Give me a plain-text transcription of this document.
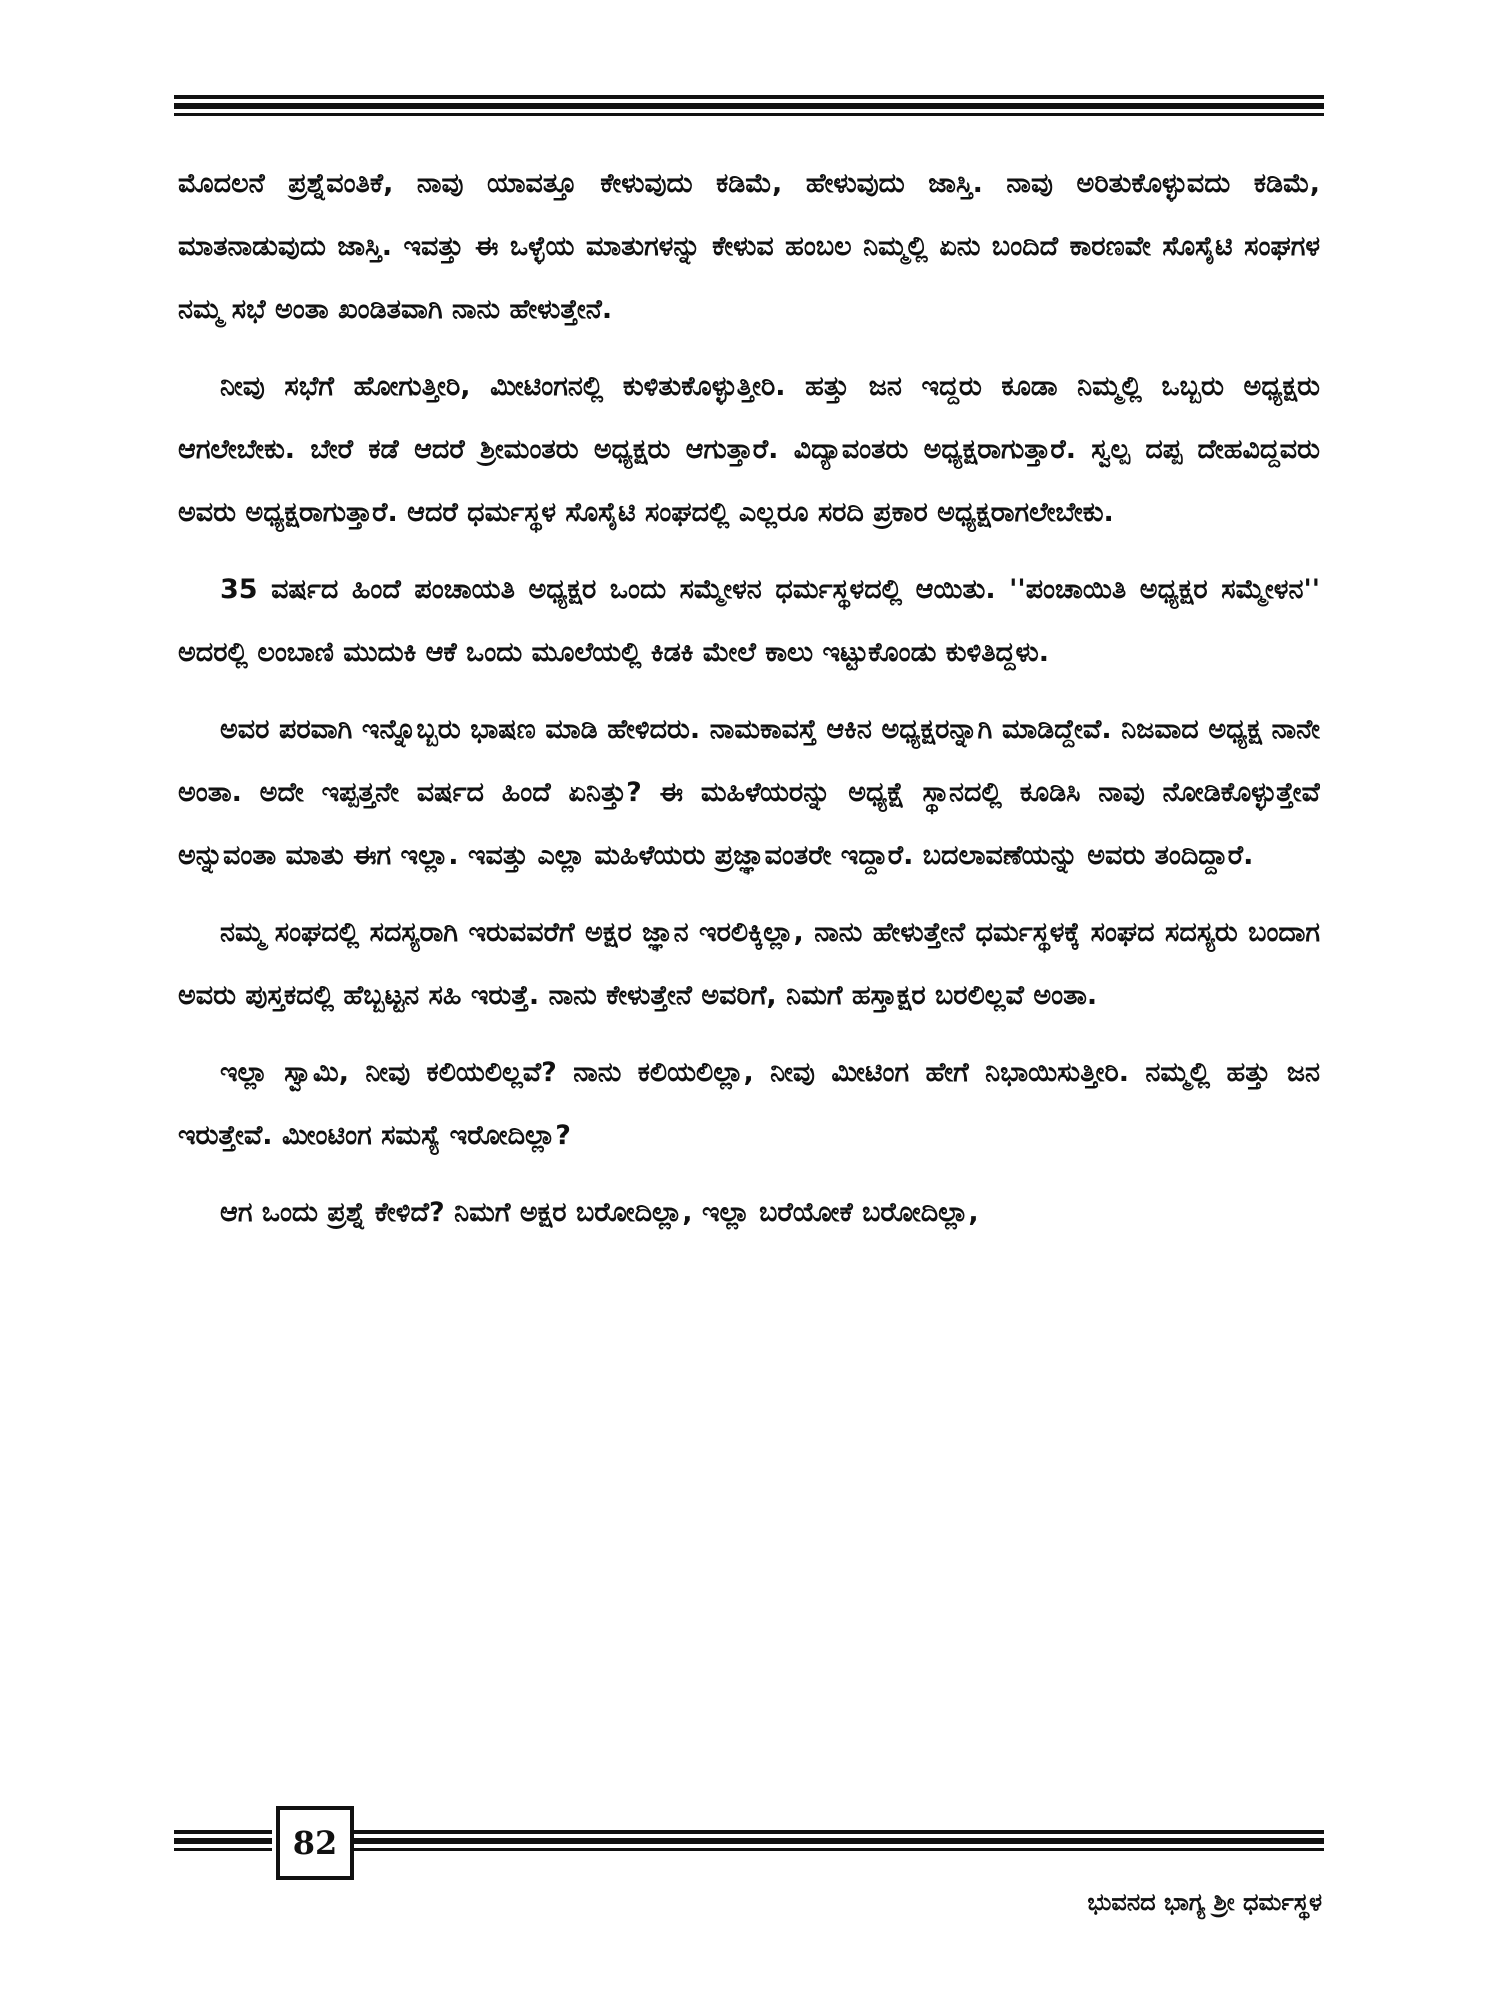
ಮೊದಲನೆ ಪ್ರಶ್ನೆವಂತಿಕೆ, ನಾವು ಯಾವತ್ತೂ ಕೇಳುವುದು ಕಡಿಮೆ, ಹೇಳುವುದು ಜಾಸ್ತಿ. ನಾವು ಅರಿತುಕೊಳ್ಳುವದು ಕಡಿಮೆ, ಮಾತನಾಡುವುದು ಜಾಸ್ತಿ. ಇವತ್ತು ಈ ಒಳ್ಳೆಯ ಮಾತುಗಳನ್ನು ಕೇಳುವ ಹಂಬಲ ನಿಮ್ಮಲ್ಲಿ ಏನು ಬಂದಿದೆ ಕಾರಣವೇ ಸೊಸೈಟಿ ಸಂಘಗಳ ನಮ್ಮ ಸಭೆ ಅಂತಾ ಖಂಡಿತವಾಗಿ ನಾನು ಹೇಳುತ್ತೇನೆ.

ನೀವು ಸಭೆಗೆ ಹೋಗುತ್ತೀರಿ, ಮೀಟಿಂಗನಲ್ಲಿ ಕುಳಿತುಕೊಳ್ಳುತ್ತೀರಿ. ಹತ್ತು ಜನ ಇದ್ದರು ಕೂಡಾ ನಿಮ್ಮಲ್ಲಿ ಒಬ್ಬರು ಅಧ್ಯಕ್ಷರು ಆಗಲೇಬೇಕು. ಬೇರೆ ಕಡೆ ಆದರೆ ಶ್ರೀಮಂತರು ಅಧ್ಯಕ್ಷರು ಆಗುತ್ತಾರೆ. ವಿದ್ಯಾವಂತರು ಅಧ್ಯಕ್ಷರಾಗುತ್ತಾರೆ. ಸ್ವಲ್ಪ ದಪ್ಪ ದೇಹವಿದ್ದವರು ಅವರು ಅಧ್ಯಕ್ಷರಾಗುತ್ತಾರೆ. ಆದರೆ ಧರ್ಮಸ್ಥಳ ಸೊಸೈಟಿ ಸಂಘದಲ್ಲಿ ಎಲ್ಲರೂ ಸರದಿ ಪ್ರಕಾರ ಅಧ್ಯಕ್ಷರಾಗಲೇಬೇಕು.

35 ವರ್ಷದ ಹಿಂದೆ ಪಂಚಾಯತಿ ಅಧ್ಯಕ್ಷರ ಒಂದು ಸಮ್ಮೇಳನ ಧರ್ಮಸ್ಥಳದಲ್ಲಿ ಆಯಿತು. ''ಪಂಚಾಯಿತಿ ಅಧ್ಯಕ್ಷರ ಸಮ್ಮೇಳನ'' ಅದರಲ್ಲಿ ಲಂಬಾಣಿ ಮುದುಕಿ ಆಕೆ ಒಂದು ಮೂಲೆಯಲ್ಲಿ ಕಿಡಕಿ ಮೇಲೆ ಕಾಲು ಇಟ್ಟುಕೊಂಡು ಕುಳಿತಿದ್ದಳು.

ಅವರ ಪರವಾಗಿ ಇನ್ನೊಬ್ಬರು ಭಾಷಣ ಮಾಡಿ ಹೇಳಿದರು. ನಾಮಕಾವಸ್ತೆ ಆಕಿನ ಅಧ್ಯಕ್ಷರನ್ನಾಗಿ ಮಾಡಿದ್ದೇವೆ. ನಿಜವಾದ ಅಧ್ಯಕ್ಷ ನಾನೇ ಅಂತಾ. ಅದೇ ಇಪ್ಪತ್ತನೇ ವರ್ಷದ ಹಿಂದೆ ಏನಿತ್ತು? ಈ ಮಹಿಳೆಯರನ್ನು ಅಧ್ಯಕ್ಷೆ ಸ್ಥಾನದಲ್ಲಿ ಕೂಡಿಸಿ ನಾವು ನೋಡಿಕೊಳ್ಳುತ್ತೇವೆ ಅನ್ನುವಂತಾ ಮಾತು ಈಗ ಇಲ್ಲಾ. ಇವತ್ತು ಎಲ್ಲಾ ಮಹಿಳೆಯರು ಪ್ರಜ್ಞಾವಂತರೇ ಇದ್ದಾರೆ. ಬದಲಾವಣೆಯನ್ನು ಅವರು ತಂದಿದ್ದಾರೆ.

ನಮ್ಮ ಸಂಘದಲ್ಲಿ ಸದಸ್ಯರಾಗಿ ಇರುವವರೆಗೆ ಅಕ್ಷರ ಜ್ಞಾನ ಇರಲಿಕ್ಕಿಲ್ಲಾ, ನಾನು ಹೇಳುತ್ತೇನೆ ಧರ್ಮಸ್ಥಳಕ್ಕೆ ಸಂಘದ ಸದಸ್ಯರು ಬಂದಾಗ ಅವರು ಪುಸ್ತಕದಲ್ಲಿ ಹೆಬ್ಬಟ್ಟನ ಸಹಿ ಇರುತ್ತೆ. ನಾನು ಕೇಳುತ್ತೇನೆ ಅವರಿಗೆ, ನಿಮಗೆ ಹಸ್ತಾಕ್ಷರ ಬರಲಿಲ್ಲವೆ ಅಂತಾ.

ಇಲ್ಲಾ ಸ್ವಾಮಿ, ನೀವು ಕಲಿಯಲಿಲ್ಲವೆ? ನಾನು ಕಲಿಯಲಿಲ್ಲಾ, ನೀವು ಮೀಟಿಂಗ ಹೇಗೆ ನಿಭಾಯಿಸುತ್ತೀರಿ. ನಮ್ಮಲ್ಲಿ ಹತ್ತು ಜನ ಇರುತ್ತೇವೆ. ಮೀಂಟಿಂಗ ಸಮಸ್ಯೆ ಇರೋದಿಲ್ಲಾ?

ಆಗ ಒಂದು ಪ್ರಶ್ನೆ ಕೇಳಿದೆ? ನಿಮಗೆ ಅಕ್ಷರ ಬರೋದಿಲ್ಲಾ, ಇಲ್ಲಾ ಬರೆಯೋಕೆ ಬರೋದಿಲ್ಲಾ,

82
ಭುವನದ ಭಾಗ್ಯ ಶ್ರೀ ಧರ್ಮಸ್ಥಳ
